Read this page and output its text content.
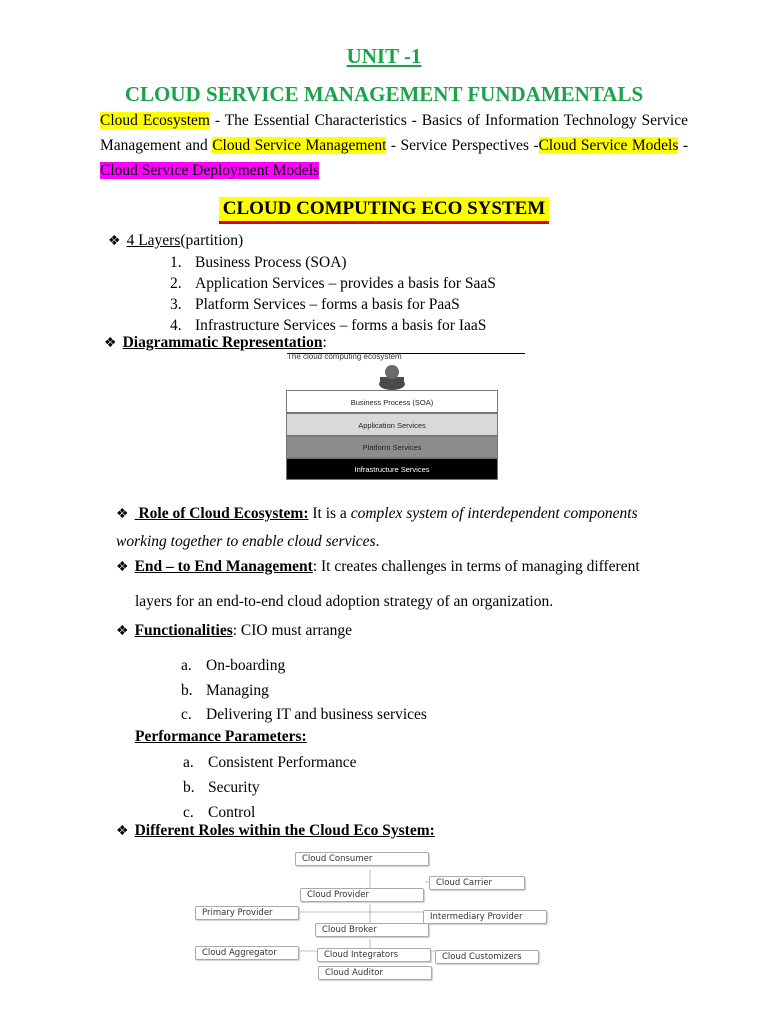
UNIT -1
CLOUD SERVICE MANAGEMENT FUNDAMENTALS
Cloud Ecosystem - The Essential Characteristics - Basics of Information Technology Service Management and Cloud Service Management - Service Perspectives -Cloud Service Models - Cloud Service Deployment Models
CLOUD COMPUTING ECO SYSTEM
❖ 4 Layers(partition)
1. Business Process (SOA)
2. Application Services – provides a basis for SaaS
3. Platform Services – forms a basis for PaaS
4. Infrastructure Services – forms a basis for IaaS
❖ Diagrammatic Representation:
The cloud computing ecosystem
Business Process (SOA)
Application Services
Platform Services
Infrastructure Services
❖ Role of Cloud Ecosystem: It is a complex system of interdependent components working together to enable cloud services.
❖ End – to End Management: It creates challenges in terms of managing different
layers for an end-to-end cloud adoption strategy of an organization.
❖ Functionalities: CIO must arrange
a. On-boarding
b. Managing
c. Delivering IT and business services
Performance Parameters:
a. Consistent Performance
b. Security
c. Control
❖ Different Roles within the Cloud Eco System:
Cloud Consumer
Cloud Carrier
Cloud Provider
Primary Provider	Intermediary Provider
Cloud Broker
Cloud Aggregator	Cloud Integrators	Cloud Customizers
Cloud Auditor
